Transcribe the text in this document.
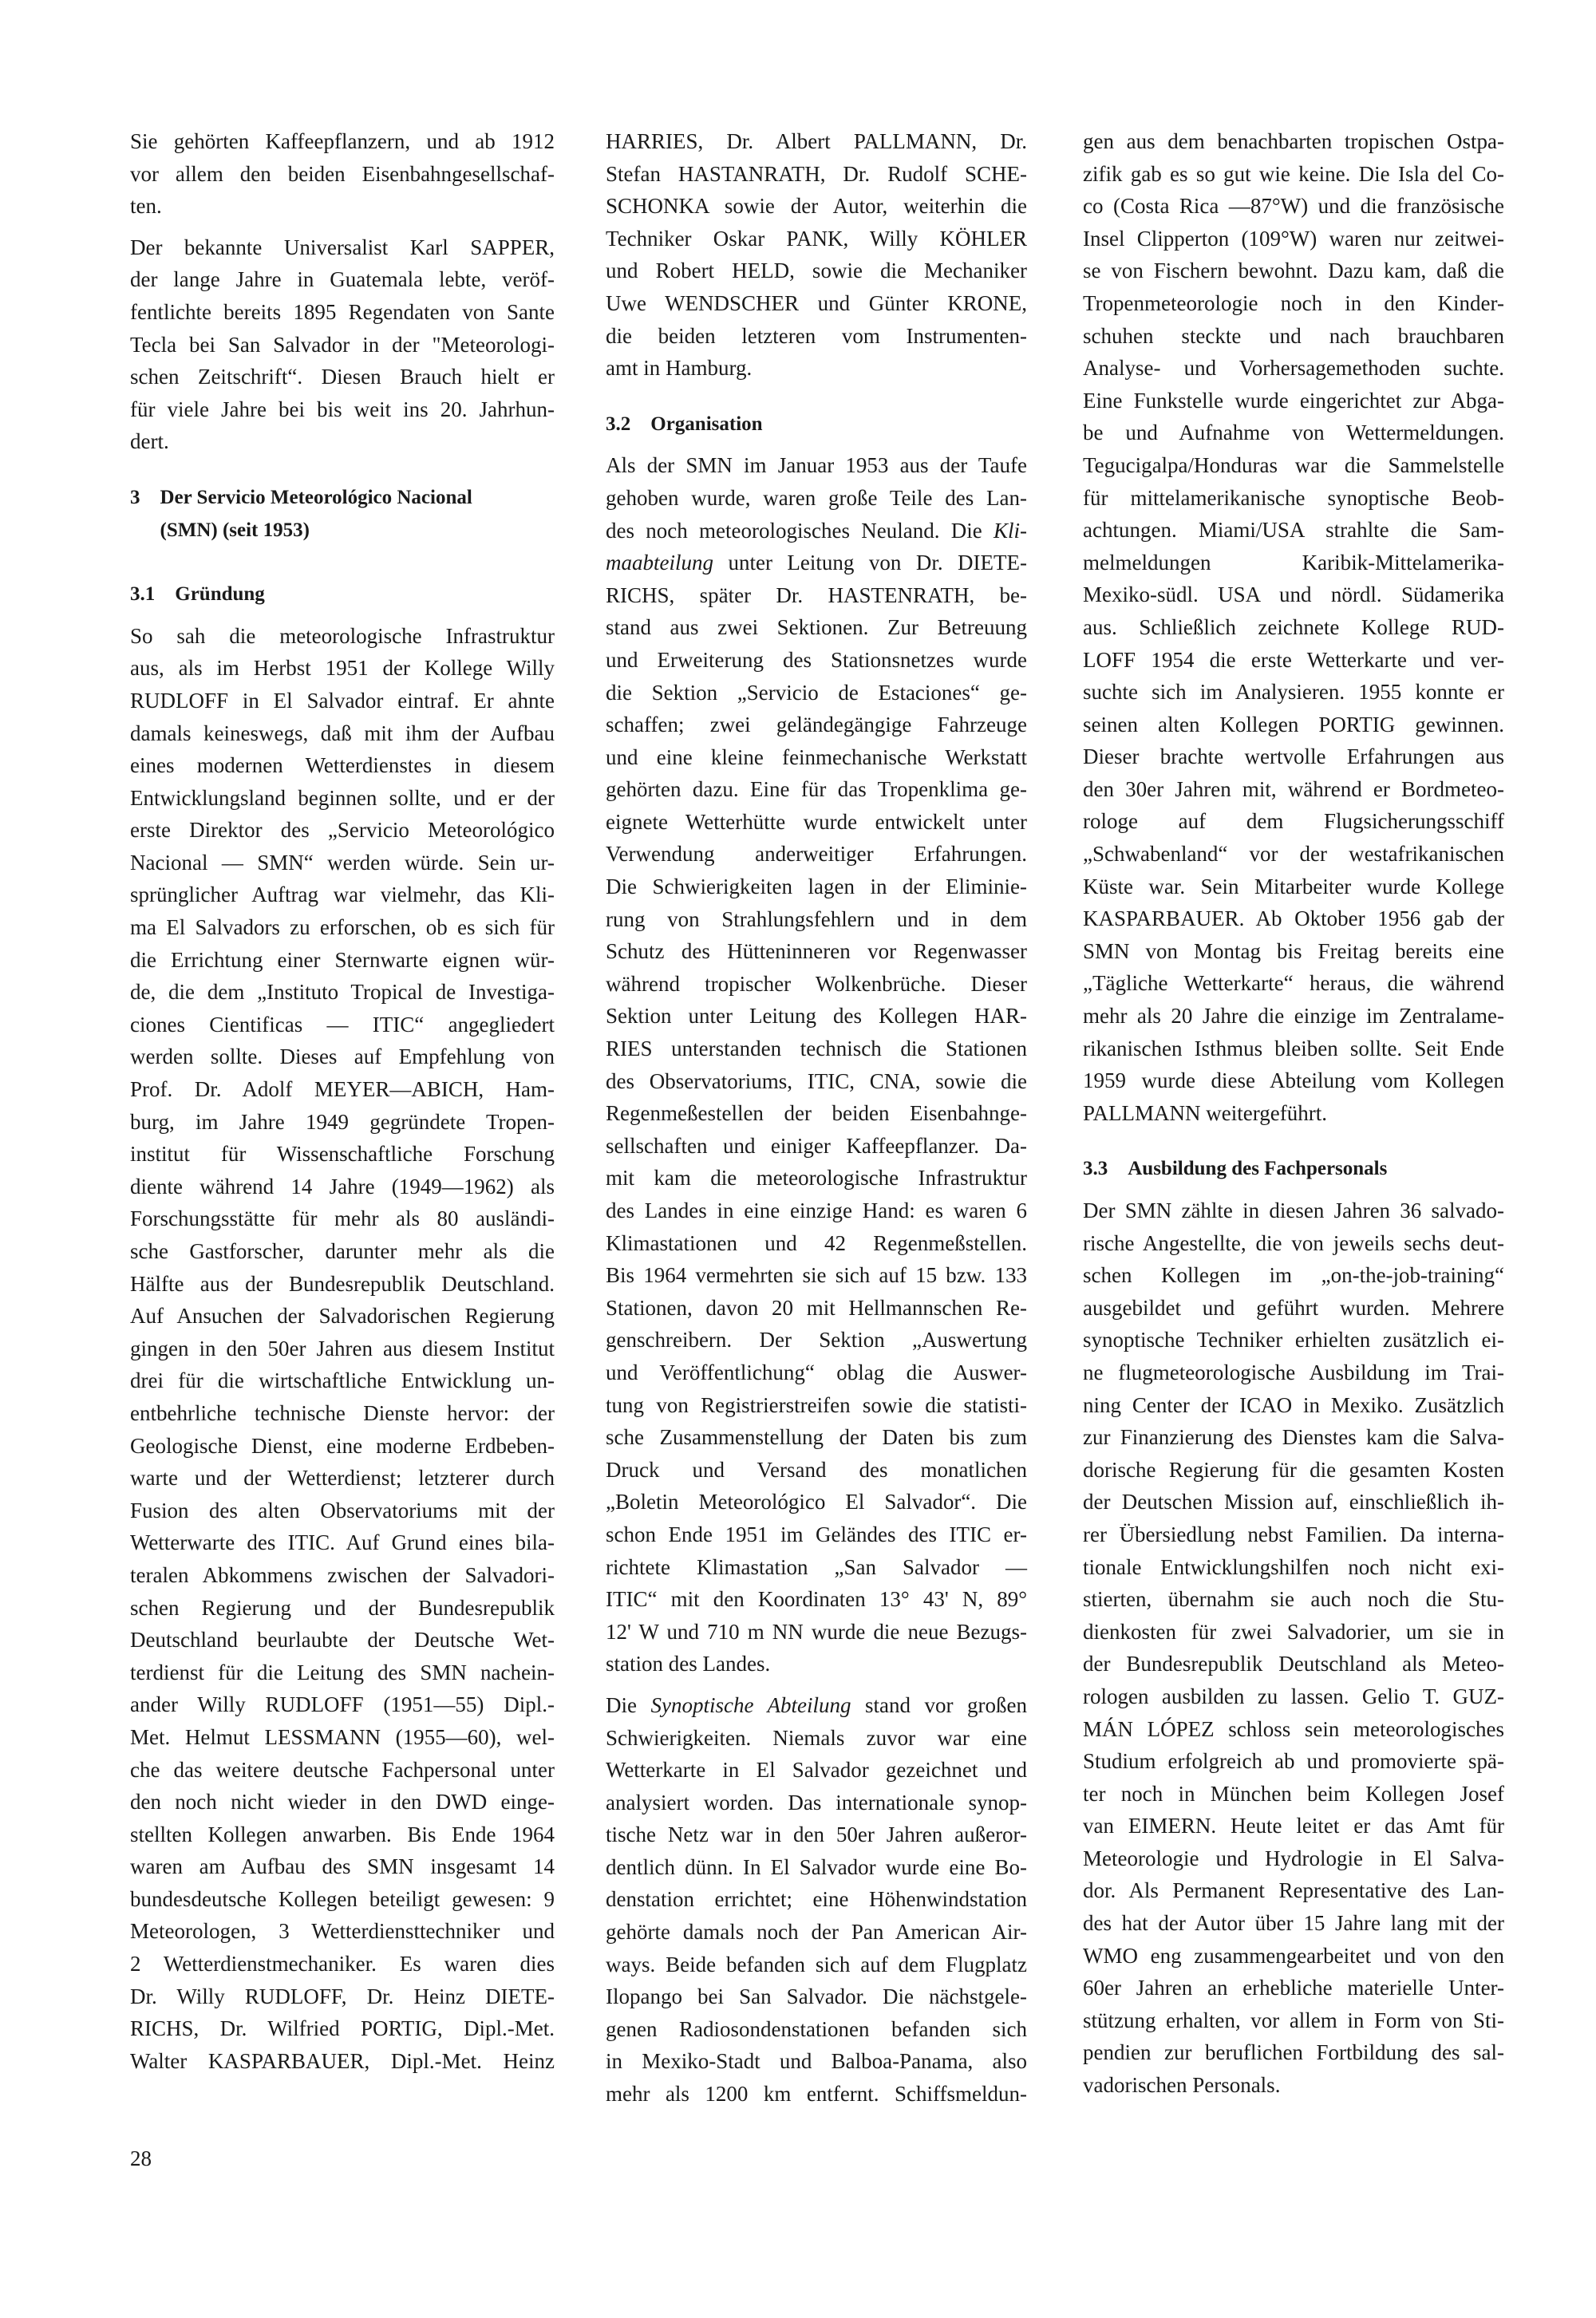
Sie gehörten Kaffeepflanzern, und ab 1912
vor allem den beiden Eisenbahngesellschaf-
ten.
Der bekannte Universalist Karl SAPPER,
der lange Jahre in Guatemala lebte, veröf-
fentlichte bereits 1895 Regendaten von Sante
Tecla bei San Salvador in der "Meteorologi-
schen Zeitschrift“. Diesen Brauch hielt er
für viele Jahre bei bis weit ins 20. Jahrhun-
dert.
3 Der Servicio Meteorológico Nacional
  (SMN) (seit 1953)
3.1 Gründung
So sah die meteorologische Infrastruktur
aus, als im Herbst 1951 der Kollege Willy
RUDLOFF in El Salvador eintraf. Er ahnte
damals keineswegs, daß mit ihm der Aufbau
eines modernen Wetterdienstes in diesem
Entwicklungsland beginnen sollte, und er der
erste Direktor des „Servicio Meteorológico
Nacional — SMN“ werden würde. Sein ur-
sprünglicher Auftrag war vielmehr, das Kli-
ma El Salvadors zu erforschen, ob es sich für
die Errichtung einer Sternwarte eignen wür-
de, die dem „Instituto Tropical de Investiga-
ciones Cientificas — ITIC“ angegliedert
werden sollte. Dieses auf Empfehlung von
Prof. Dr. Adolf MEYER—ABICH, Ham-
burg, im Jahre 1949 gegründete Tropen-
institut für Wissenschaftliche Forschung
diente während 14 Jahre (1949—1962) als
Forschungsstätte für mehr als 80 ausländi-
sche Gastforscher, darunter mehr als die
Hälfte aus der Bundesrepublik Deutschland.
Auf Ansuchen der Salvadorischen Regierung
gingen in den 50er Jahren aus diesem Institut
drei für die wirtschaftliche Entwicklung un-
entbehrliche technische Dienste hervor: der
Geologische Dienst, eine moderne Erdbeben-
warte und der Wetterdienst; letzterer durch
Fusion des alten Observatoriums mit der
Wetterwarte des ITIC. Auf Grund eines bila-
teralen Abkommens zwischen der Salvadori-
schen Regierung und der Bundesrepublik
Deutschland beurlaubte der Deutsche Wet-
terdienst für die Leitung des SMN nachein-
ander Willy RUDLOFF (1951—55) Dipl.-
Met. Helmut LESSMANN (1955—60), wel-
che das weitere deutsche Fachpersonal unter
den noch nicht wieder in den DWD einge-
stellten Kollegen anwarben. Bis Ende 1964
waren am Aufbau des SMN insgesamt 14
bundesdeutsche Kollegen beteiligt gewesen: 9
Meteorologen, 3 Wetterdiensttechniker und
2 Wetterdienstmechaniker. Es waren dies
Dr. Willy RUDLOFF, Dr. Heinz DIETE-
RICHS, Dr. Wilfried PORTIG, Dipl.-Met.
Walter KASPARBAUER, Dipl.-Met. Heinz
HARRIES, Dr. Albert PALLMANN, Dr.
Stefan HASTANRATH, Dr. Rudolf SCHE-
SCHONKA sowie der Autor, weiterhin die
Techniker Oskar PANK, Willy KÖHLER
und Robert HELD, sowie die Mechaniker
Uwe WENDSCHER und Günter KRONE,
die beiden letzteren vom Instrumenten-
amt in Hamburg.
3.2 Organisation
Als der SMN im Januar 1953 aus der Taufe
gehoben wurde, waren große Teile des Lan-
des noch meteorologisches Neuland. Die Kli-
maabteilung unter Leitung von Dr. DIETE-
RICHS, später Dr. HASTENRATH, be-
stand aus zwei Sektionen. Zur Betreuung
und Erweiterung des Stationsnetzes wurde
die Sektion „Servicio de Estaciones“ ge-
schaffen; zwei geländegängige Fahrzeuge
und eine kleine feinmechanische Werkstatt
gehörten dazu. Eine für das Tropenklima ge-
eignete Wetterhütte wurde entwickelt unter
Verwendung anderweitiger Erfahrungen.
Die Schwierigkeiten lagen in der Eliminie-
rung von Strahlungsfehlern und in dem
Schutz des Hütteninneren vor Regenwasser
während tropischer Wolkenbrüche. Dieser
Sektion unter Leitung des Kollegen HAR-
RIES unterstanden technisch die Stationen
des Observatoriums, ITIC, CNA, sowie die
Regenmeßestellen der beiden Eisenbahnge-
sellschaften und einiger Kaffeepflanzer. Da-
mit kam die meteorologische Infrastruktur
des Landes in eine einzige Hand: es waren 6
Klimastationen und 42 Regenmeßstellen.
Bis 1964 vermehrten sie sich auf 15 bzw. 133
Stationen, davon 20 mit Hellmannschen Re-
genschreibern. Der Sektion „Auswertung
und Veröffentlichung“ oblag die Auswer-
tung von Registrierstreifen sowie die statisti-
sche Zusammenstellung der Daten bis zum
Druck und Versand des monatlichen
„Boletin Meteorológico El Salvador“. Die
schon Ende 1951 im Geländes des ITIC er-
richtete Klimastation „San Salvador —
ITIC“ mit den Koordinaten 13° 43' N, 89°
12' W und 710 m NN wurde die neue Bezugs-
station des Landes.
Die Synoptische Abteilung stand vor großen
Schwierigkeiten. Niemals zuvor war eine
Wetterkarte in El Salvador gezeichnet und
analysiert worden. Das internationale synop-
tische Netz war in den 50er Jahren außeror-
dentlich dünn. In El Salvador wurde eine Bo-
denstation errichtet; eine Höhenwindstation
gehörte damals noch der Pan American Air-
ways. Beide befanden sich auf dem Flugplatz
Ilopango bei San Salvador. Die nächstgele-
genen Radiosondenstationen befanden sich
in Mexiko-Stadt und Balboa-Panama, also
mehr als 1200 km entfernt. Schiffsmeldun-
gen aus dem benachbarten tropischen Ostpa-
zifik gab es so gut wie keine. Die Isla del Co-
co (Costa Rica —87°W) und die französische
Insel Clipperton (109°W) waren nur zeitwei-
se von Fischern bewohnt. Dazu kam, daß die
Tropenmeteorologie noch in den Kinder-
schuhen steckte und nach brauchbaren
Analyse- und Vorhersagemethoden suchte.
Eine Funkstelle wurde eingerichtet zur Abga-
be und Aufnahme von Wettermeldungen.
Tegucigalpa/Honduras war die Sammelstelle
für mittelamerikanische synoptische Beob-
achtungen. Miami/USA strahlte die Sam-
melmeldungen Karibik-Mittelamerika-
Mexiko-südl. USA und nördl. Südamerika
aus. Schließlich zeichnete Kollege RUD-
LOFF 1954 die erste Wetterkarte und ver-
suchte sich im Analysieren. 1955 konnte er
seinen alten Kollegen PORTIG gewinnen.
Dieser brachte wertvolle Erfahrungen aus
den 30er Jahren mit, während er Bordmeteo-
rologe auf dem Flugsicherungsschiff
„Schwabenland“ vor der westafrikanischen
Küste war. Sein Mitarbeiter wurde Kollege
KASPARBAUER. Ab Oktober 1956 gab der
SMN von Montag bis Freitag bereits eine
„Tägliche Wetterkarte“ heraus, die während
mehr als 20 Jahre die einzige im Zentralame-
rikanischen Isthmus bleiben sollte. Seit Ende
1959 wurde diese Abteilung vom Kollegen
PALLMANN weitergeführt.
3.3 Ausbildung des Fachpersonals
Der SMN zählte in diesen Jahren 36 salvado-
rische Angestellte, die von jeweils sechs deut-
schen Kollegen im „on-the-job-training“
ausgebildet und geführt wurden. Mehrere
synoptische Techniker erhielten zusätzlich ei-
ne flugmeteorologische Ausbildung im Trai-
ning Center der ICAO in Mexiko. Zusätzlich
zur Finanzierung des Dienstes kam die Salva-
dorische Regierung für die gesamten Kosten
der Deutschen Mission auf, einschließlich ih-
rer Übersiedlung nebst Familien. Da interna-
tionale Entwicklungshilfen noch nicht exi-
stierten, übernahm sie auch noch die Stu-
dienkosten für zwei Salvadorier, um sie in
der Bundesrepublik Deutschland als Meteo-
rologen ausbilden zu lassen. Gelio T. GUZ-
MÁN LÓPEZ schloss sein meteorologisches
Studium erfolgreich ab und promovierte spä-
ter noch in München beim Kollegen Josef
van EIMERN. Heute leitet er das Amt für
Meteorologie und Hydrologie in El Salva-
dor. Als Permanent Representative des Lan-
des hat der Autor über 15 Jahre lang mit der
WMO eng zusammengearbeitet und von den
60er Jahren an erhebliche materielle Unter-
stützung erhalten, vor allem in Form von Sti-
pendien zur beruflichen Fortbildung des sal-
vadorischen Personals.
28
